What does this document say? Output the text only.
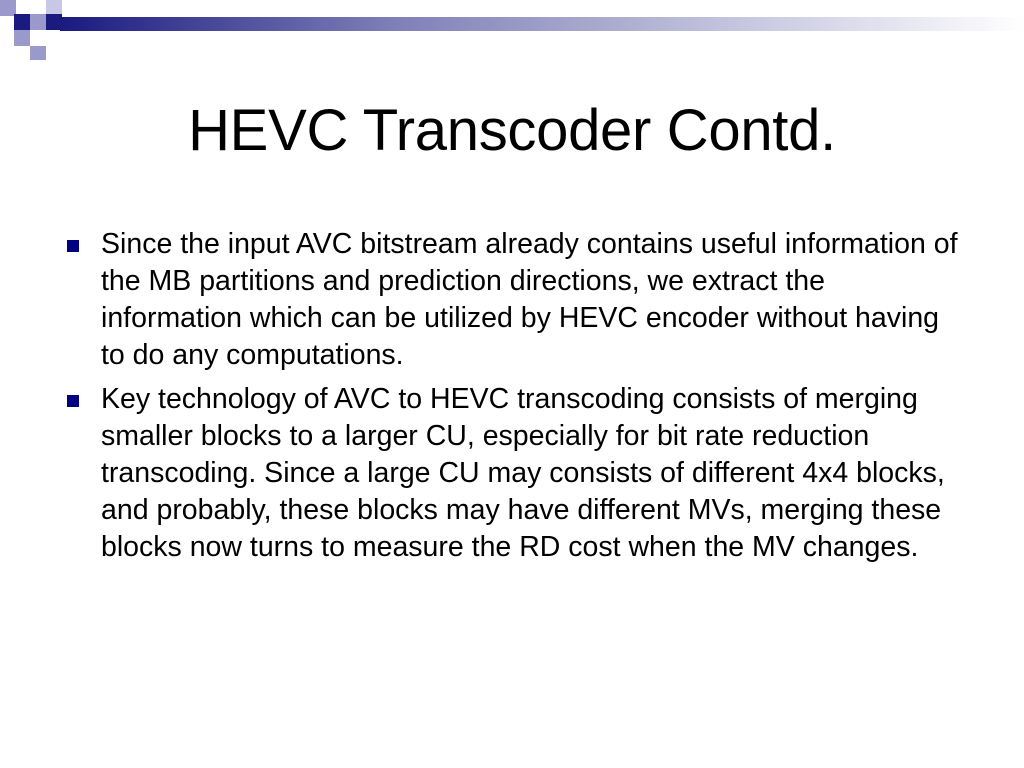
HEVC Transcoder Contd.
Since the input AVC bitstream already contains useful information of the MB partitions and prediction directions, we extract the information which can be utilized by HEVC encoder without having to do any computations.
Key technology of AVC to HEVC transcoding consists of merging smaller blocks to a larger CU, especially for bit rate reduction transcoding. Since a large CU may consists of different 4x4 blocks, and probably, these blocks may have different MVs, merging these blocks now turns to measure the RD cost when the MV changes.
